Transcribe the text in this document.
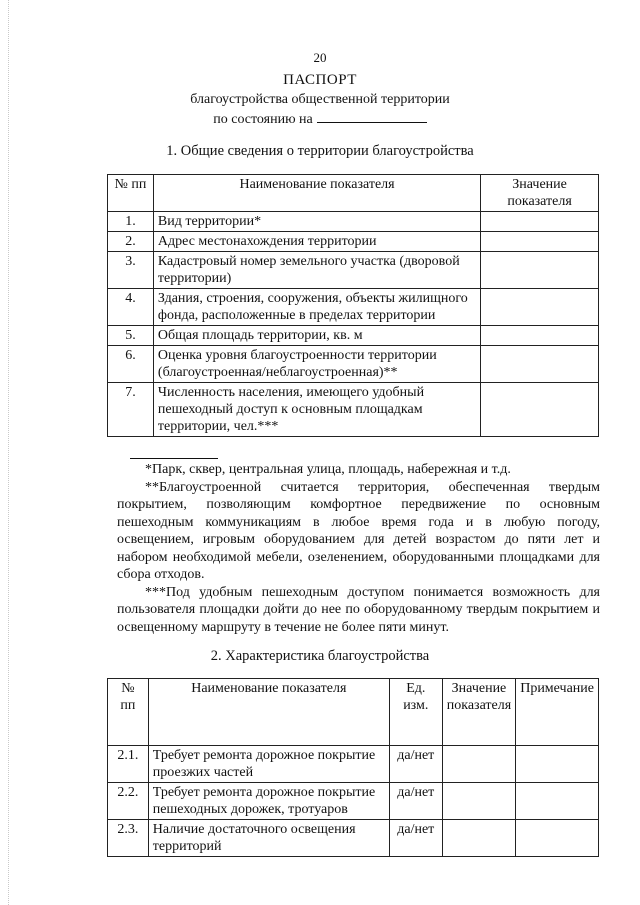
20
ПАСПОРТ
благоустройства общественной территории
по состоянию на
1. Общие сведения о территории благоустройства
№ пп	Наименование показателя	Значение показателя
1.	Вид территории*	
2.	Адрес местонахождения территории	
3.	Кадастровый номер земельного участка (дворовой территории)	
4.	Здания, строения, сооружения, объекты жилищного фонда, расположенные в пределах территории	
5.	Общая площадь территории, кв. м	
6.	Оценка уровня благоустроенности территории (благоустроенная/неблагоустроенная)**	
7.	Численность населения, имеющего удобный пешеходный доступ к основным площадкам территории, чел.***	

*Парк, сквер, центральная улица, площадь, набережная и т.д.

**Благоустроенной считается территория, обеспеченная твердым покрытием, позволяющим комфортное передвижение по основным пешеходным коммуникациям в любое время года и в любую погоду, освещением, игровым оборудованием для детей возрастом до пяти лет и набором необходимой мебели, озеленением, оборудованными площадками для сбора отходов.

***Под удобным пешеходным доступом понимается возможность для пользователя площадки дойти до нее по оборудованному твердым покрытием и освещенному маршруту в течение не более пяти минут.

2. Характеристика благоустройства
№ пп	Наименование показателя	Ед. изм.	Значение показателя	Примечание
2.1.	Требует ремонта дорожное покрытие проезжих частей	да/нет		
2.2.	Требует ремонта дорожное покрытие пешеходных дорожек, тротуаров	да/нет		
2.3.	Наличие достаточного освещения территорий	да/нет		
